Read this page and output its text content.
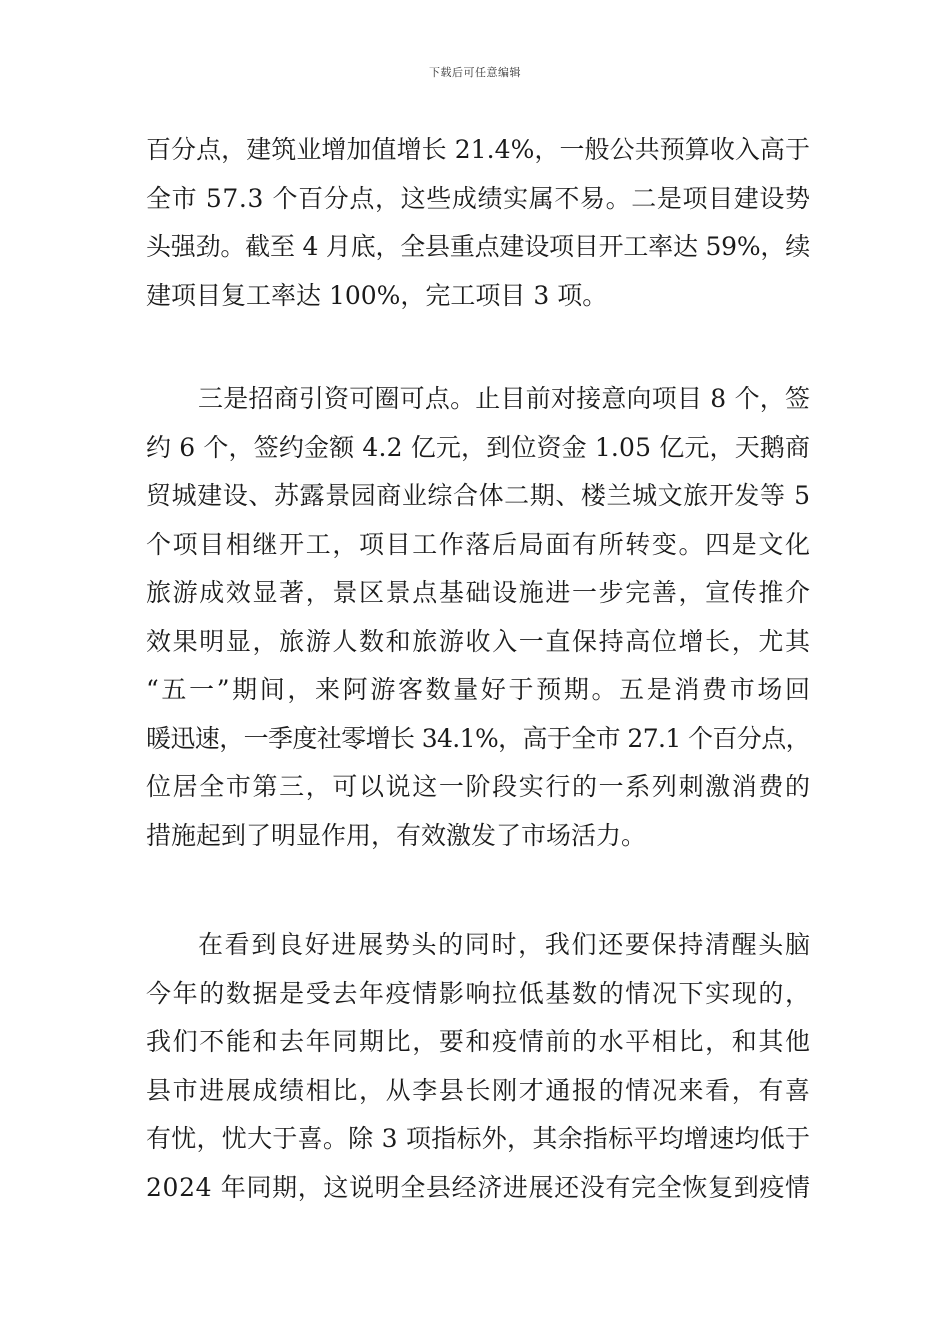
下载后可任意编辑
百分点，建筑业增加值增长 21.4%，一般公共预算收入高于
全市 57.3 个百分点，这些成绩实属不易。二是项目建设势
头强劲。截至 4 月底，全县重点建设项目开工率达 59%，续
建项目复工率达 100%，完工项目 3 项。
三是招商引资可圈可点。止目前对接意向项目 8 个，签
约 6 个，签约金额 4.2 亿元，到位资金 1.05 亿元，天鹅商
贸城建设、苏露景园商业综合体二期、楼兰城文旅开发等 5
个项目相继开工，项目工作落后局面有所转变。四是文化
旅游成效显著，景区景点基础设施进一步完善，宣传推介
效果明显，旅游人数和旅游收入一直保持高位增长，尤其
“五一”期间，来阿游客数量好于预期。五是消费市场回
暖迅速，一季度社零增长 34.1%，高于全市 27.1 个百分点，
位居全市第三，可以说这一阶段实行的一系列刺激消费的
措施起到了明显作用，有效激发了市场活力。
在看到良好进展势头的同时，我们还要保持清醒头脑
今年的数据是受去年疫情影响拉低基数的情况下实现的，
我们不能和去年同期比，要和疫情前的水平相比，和其他
县市进展成绩相比，从李县长刚才通报的情况来看，有喜
有忧，忧大于喜。除 3 项指标外，其余指标平均增速均低于
2024 年同期，这说明全县经济进展还没有完全恢复到疫情
